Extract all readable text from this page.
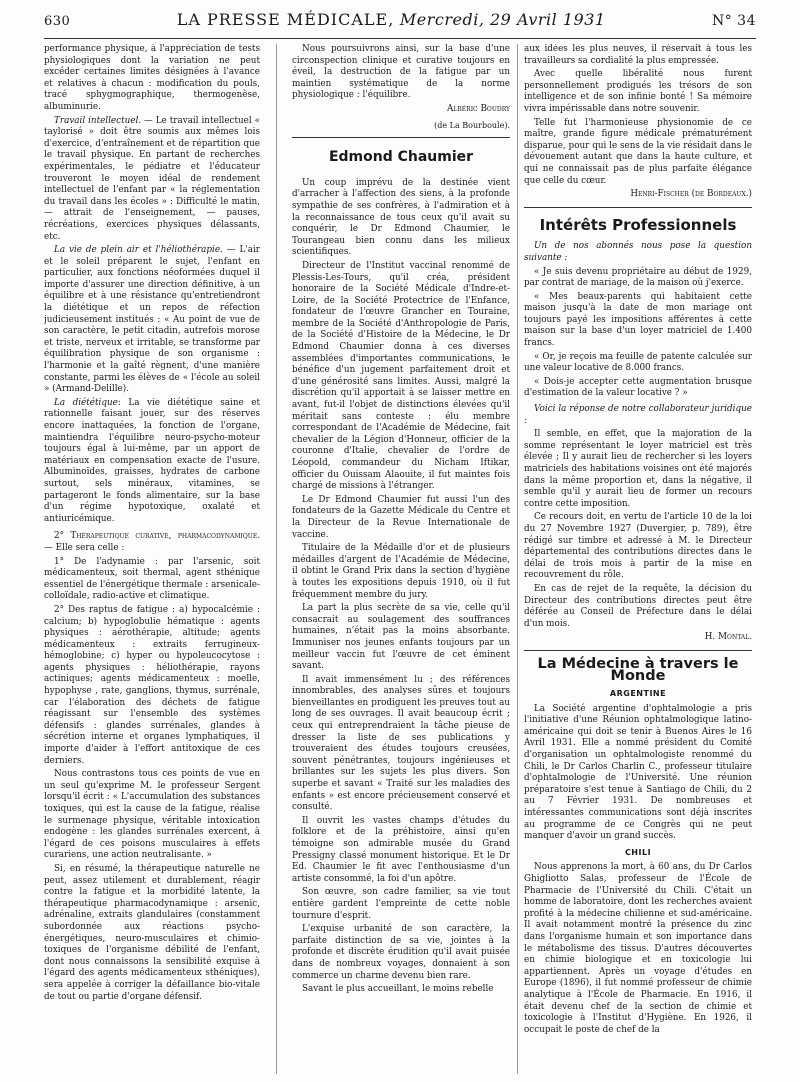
630	LA PRESSE MÉDICALE, Mercredi, 29 Avril 1931	N° 34

performance physique, à l'appréciation de tests physiologiques dont la variation ne peut excéder certaines limites désignées à l'avance et relatives à chacun : modification du pouls, tracé sphygmographique, thermogenèse, albuminurie.

Travail intellectuel. — Le travail intellectuel « taylorisé » doit être soumis aux mêmes lois d'exercice, d'entraînement et de répartition que le travail physique. En partant de recherches expérimentales, le pédiatre et l'éducateur trouveront le moyen idéal de rendement intellectuel de l'enfant par « la réglementation du travail dans les écoles » : Difficulté le matin, — attrait de l'enseignement, — pauses, récréations, exercices physiques délassants, etc.

La vie de plein air et l'héliothérapie. — L'air et le soleil préparent le sujet, l'enfant en particulier, aux fonctions néoformées duquel il importe d'assurer une direction définitive, à un équilibre et à une résistance qu'entretiendront la diététique et un repos de réfection judicieusement institués : « Au point de vue de son caractère, le petit citadin, autrefois morose et triste, nerveux et irritable, se transforme par équilibration physique de son organisme : l'harmonie et la gaîté règnent, d'une manière constante, parmi les élèves de « l'école au soleil » (Armand-Delille).

La diététique: La vie diététique saine et rationnelle faisant jouer, sur des réserves encore inattaquées, la fonction de l'organe, maintiendra l'équilibre neuro-psycho-moteur toujours égal à lui-même, par un apport de matériaux en compensation exacte de l'usure. Albuminoïdes, graisses, hydrates de carbone surtout, sels minéraux, vitamines, se partageront le fonds alimentaire, sur la base d'un régime hypotoxique, oxalaté et antiuricémique.

2° Thérapeutique curative, pharmacodynamique. — Elle sera celle :

1° De l'adynamie : par l'arsenic, soit médicamenteux, soit thermal, agent sthénique essentiel de l'énergétique thermale : arsenicale-colloïdale, radio-active et climatique.

2° Des raptus de fatigue : a) hypocalcémie : calcium; b) hypoglobulie hématique : agents physiques : aérothérapie, altitude; agents médicamenteux : extraits ferrugineux-hémoglobine; c) hyper ou hypoleucocytose : agents physiques : héliothérapie, rayons actiniques; agents médicamenteux : moelle, hypophyse , rate, ganglions, thymus, surrénale, car l'élaboration des déchets de fatigue réagissant sur l'ensemble des systèmes défensifs : glandes surrénales, glandes à sécrétion interne et organes lymphatiques, il importe d'aider à l'effort antitoxique de ces derniers.

Nous contrastons tous ces points de vue en un seul qu'exprime M. le professeur Sergent lorsqu'il écrit : « L'accumulation des substances toxiques, qui est la cause de la fatigue, réalise le surmenage physique, véritable intoxication endogène : les glandes surrénales exercent, à l'égard de ces poisons musculaires à effets curariens, une action neutralisante. »

Si, en résumé, la thérapeutique naturelle ne peut, assez utilement et durablement, réagir contre la fatigue et la morbidité latente, la thérapeutique pharmacodynamique : arsenic, adrénaline, extraits glandulaires (constamment subordonnée aux réactions psycho-énergétiques, neuro-musculaires et chimio-toxiques de l'organisme débilité de l'enfant, dont nous connaissons la sensibilité exquise à l'égard des agents médicamenteux sthéniques), sera appelée à corriger la défaillance bio-vitale de tout ou partie d'organe défensif.

Nous poursuivrons ainsi, sur la base d'une circonspection clinique et curative toujours en éveil, la destruction de la fatigue par un maintien systématique de la norme physiologique : l'équilibre.

Albéric Boudry

(de La Bourboule).

Edmond Chaumier

Un coup imprévu de la destinée vient d'arracher à l'affection des siens, à la profonde sympathie de ses confrères, à l'admiration et à la reconnaissance de tous ceux qu'il avait su conquérir, le Dr Edmond Chaumier, le Tourangeau bien connu dans les milieux scientifiques.

Directeur de l'Institut vaccinal renommé de Plessis-Les-Tours, qu'il créa, président honoraire de la Société Médicale d'Indre-et-Loire, de la Société Protectrice de l'Enfance, fondateur de l'œuvre Grancher en Touraine, membre de la Société d'Anthropologie de Paris, de la Société d'Histoire de la Médecine, le Dr Edmond Chaumier donna à ces diverses assemblées d'importantes communications, le bénéfice d'un jugement parfaitement droit et d'une générosité sans limites. Aussi, malgré la discrétion qu'il apportait à se laisser mettre en avant, fut-il l'objet de distinctions élevées qu'il méritait sans conteste : élu membre correspondant de l'Académie de Médecine, fait chevalier de la Légion d'Honneur, officier de la couronne d'Italie, chevalier de l'ordre de Léopold, commandeur du Nicham Iftikar, officier du Ouissam Alaouite, il fut maintes fois chargé de missions à l'étranger.

Le Dr Edmond Chaumier fut aussi l'un des fondateurs de la Gazette Médicale du Centre et la Directeur de la Revue Internationale de vaccine.

Titulaire de la Médaille d'or et de plusieurs médailles d'argent de l'Académie de Médecine, il obtint le Grand Prix dans la section d'hygiène à toutes les expositions depuis 1910, où il fut fréquemment membre du jury.

La part la plus secrète de sa vie, celle qu'il consacrait au soulagement des souffrances humaines, n'était pas la moins absorbante. Immuniser nos jeunes enfants toujours par un meilleur vaccin fut l'œuvre de cet éminent savant.

Il avait immensément lu ; des références innombrables, des analyses sûres et toujours bienveillantes en prodiguent les preuves tout au long de ses ouvrages. Il avait beaucoup écrit ; ceux qui entreprendraient la tâche pieuse de dresser la liste de ses publications y trouveraient des études toujours creusées, souvent pénétrantes, toujours ingénieuses et brillantes sur les sujets les plus divers. Son superbe et savant « Traité sur les maladies des enfants » est encore précieusement conservé et consulté.

Il ouvrit les vastes champs d'études du folklore et de la préhistoire, ainsi qu'en témoigne son admirable musée du Grand Pressigny classé monument historique. Et le Dr Ed. Chaumier le fit avec l'enthousiasme d'un artiste consommé, la foi d'un apôtre.

Son œuvre, son cadre familier, sa vie tout entière gardent l'empreinte de cette noble tournure d'esprit.

L'exquise urbanité de son caractère, la parfaite distinction de sa vie, jointes à la profonde et discrète érudition qu'il avait puisée dans de nombreux voyages, donnaient à son commerce un charme devenu bien rare.

Savant le plus accueillant, le moins rebelle

aux idées les plus neuves, il réservait à tous les travailleurs sa cordialité la plus empressée.

Avec quelle libéralité nous furent personnellement prodigués les trésors de son intelligence et de son infinie bonté ! Sa mémoire vivra impérissable dans notre souvenir.

Telle fut l'harmonieuse physionomie de ce maître, grande figure médicale prématurément disparue, pour qui le sens de la vie résidait dans le dévouement autant que dans la haute culture, et qui ne connaissait pas de plus parfaite élégance que celle du cœur.

Henri-Fischer (de Bordeaux.)

Intérêts Professionnels

Un de nos abonnés nous pose la question suivante :

« Je suis devenu propriétaire au début de 1929, par contrat de mariage, de la maison où j'exerce.

« Mes beaux-parents qui habitaient cette maison jusqu'à la date de mon mariage ont toujours payé les impositions afférentes à cette maison sur la base d'un loyer matriciel de 1.400 francs.

« Or, je reçois ma feuille de patente calculée sur une valeur locative de 8.000 francs.

« Dois-je accepter cette augmentation brusque d'estimation de la valeur locative ? »

Voici la réponse de notre collaborateur juridique :

Il semble, en effet, que la majoration de la somme représentant le loyer matriciel est très élevée ; Il y aurait lieu de rechercher si les loyers matriciels des habitations voisines ont été majorés dans la même proportion et, dans la négative, il semble qu'il y aurait lieu de former un recours contre cette imposition.

Ce recours doit, en vertu de l'article 10 de la loi du 27 Novembre 1927 (Duvergier, p. 789), être rédigé sur timbre et adressé à M. le Directeur départemental des contributions directes dans le délai de trois mois à partir de la mise en recouvrement du rôle.

En cas de rejet de la requête, la décision du Directeur des contributions directes peut être déférée au Conseil de Préfecture dans le délai d'un mois.

H. Montal.

La Médecine à travers le Monde
ARGENTINE

La Société argentine d'ophtalmologie a pris l'initiative d'une Réunion ophtalmologique latino-américaine qui doit se tenir à Buenos Aires le 16 Avril 1931. Elle a nommé président du Comité d'organisation un ophtalmologiste renommé du Chili, le Dr Carlos Charlin C., professeur titulaire d'ophtalmologie de l'Université. Une réunion préparatoire s'est tenue à Santiago de Chili, du 2 au 7 Février 1931. De nombreuses et intéressantes communications sont déjà inscrites au programme de ce Congrès qui ne peut manquer d'avoir un grand succès.

CHILI

Nous apprenons la mort, à 60 ans, du Dr Carlos Ghigliotto Salas, professeur de l'École de Pharmacie de l'Université du Chili. C'était un homme de laboratoire, dont les recherches avaient profité à la médecine chilienne et sud-américaine. Il avait notamment montré la présence du zinc dans l'organisme humain et son importance dans le métabolisme des tissus. D'autres découvertes en chimie biologique et en toxicologie lui appartiennent. Après un voyage d'études en Europe (1896), il fut nommé professeur de chimie analytique à l'École de Pharmacie. En 1916, il était devenu chef de la section de chimie et toxicologie à l'Institut d'Hygiène. En 1926, il occupait le poste de chef de la
